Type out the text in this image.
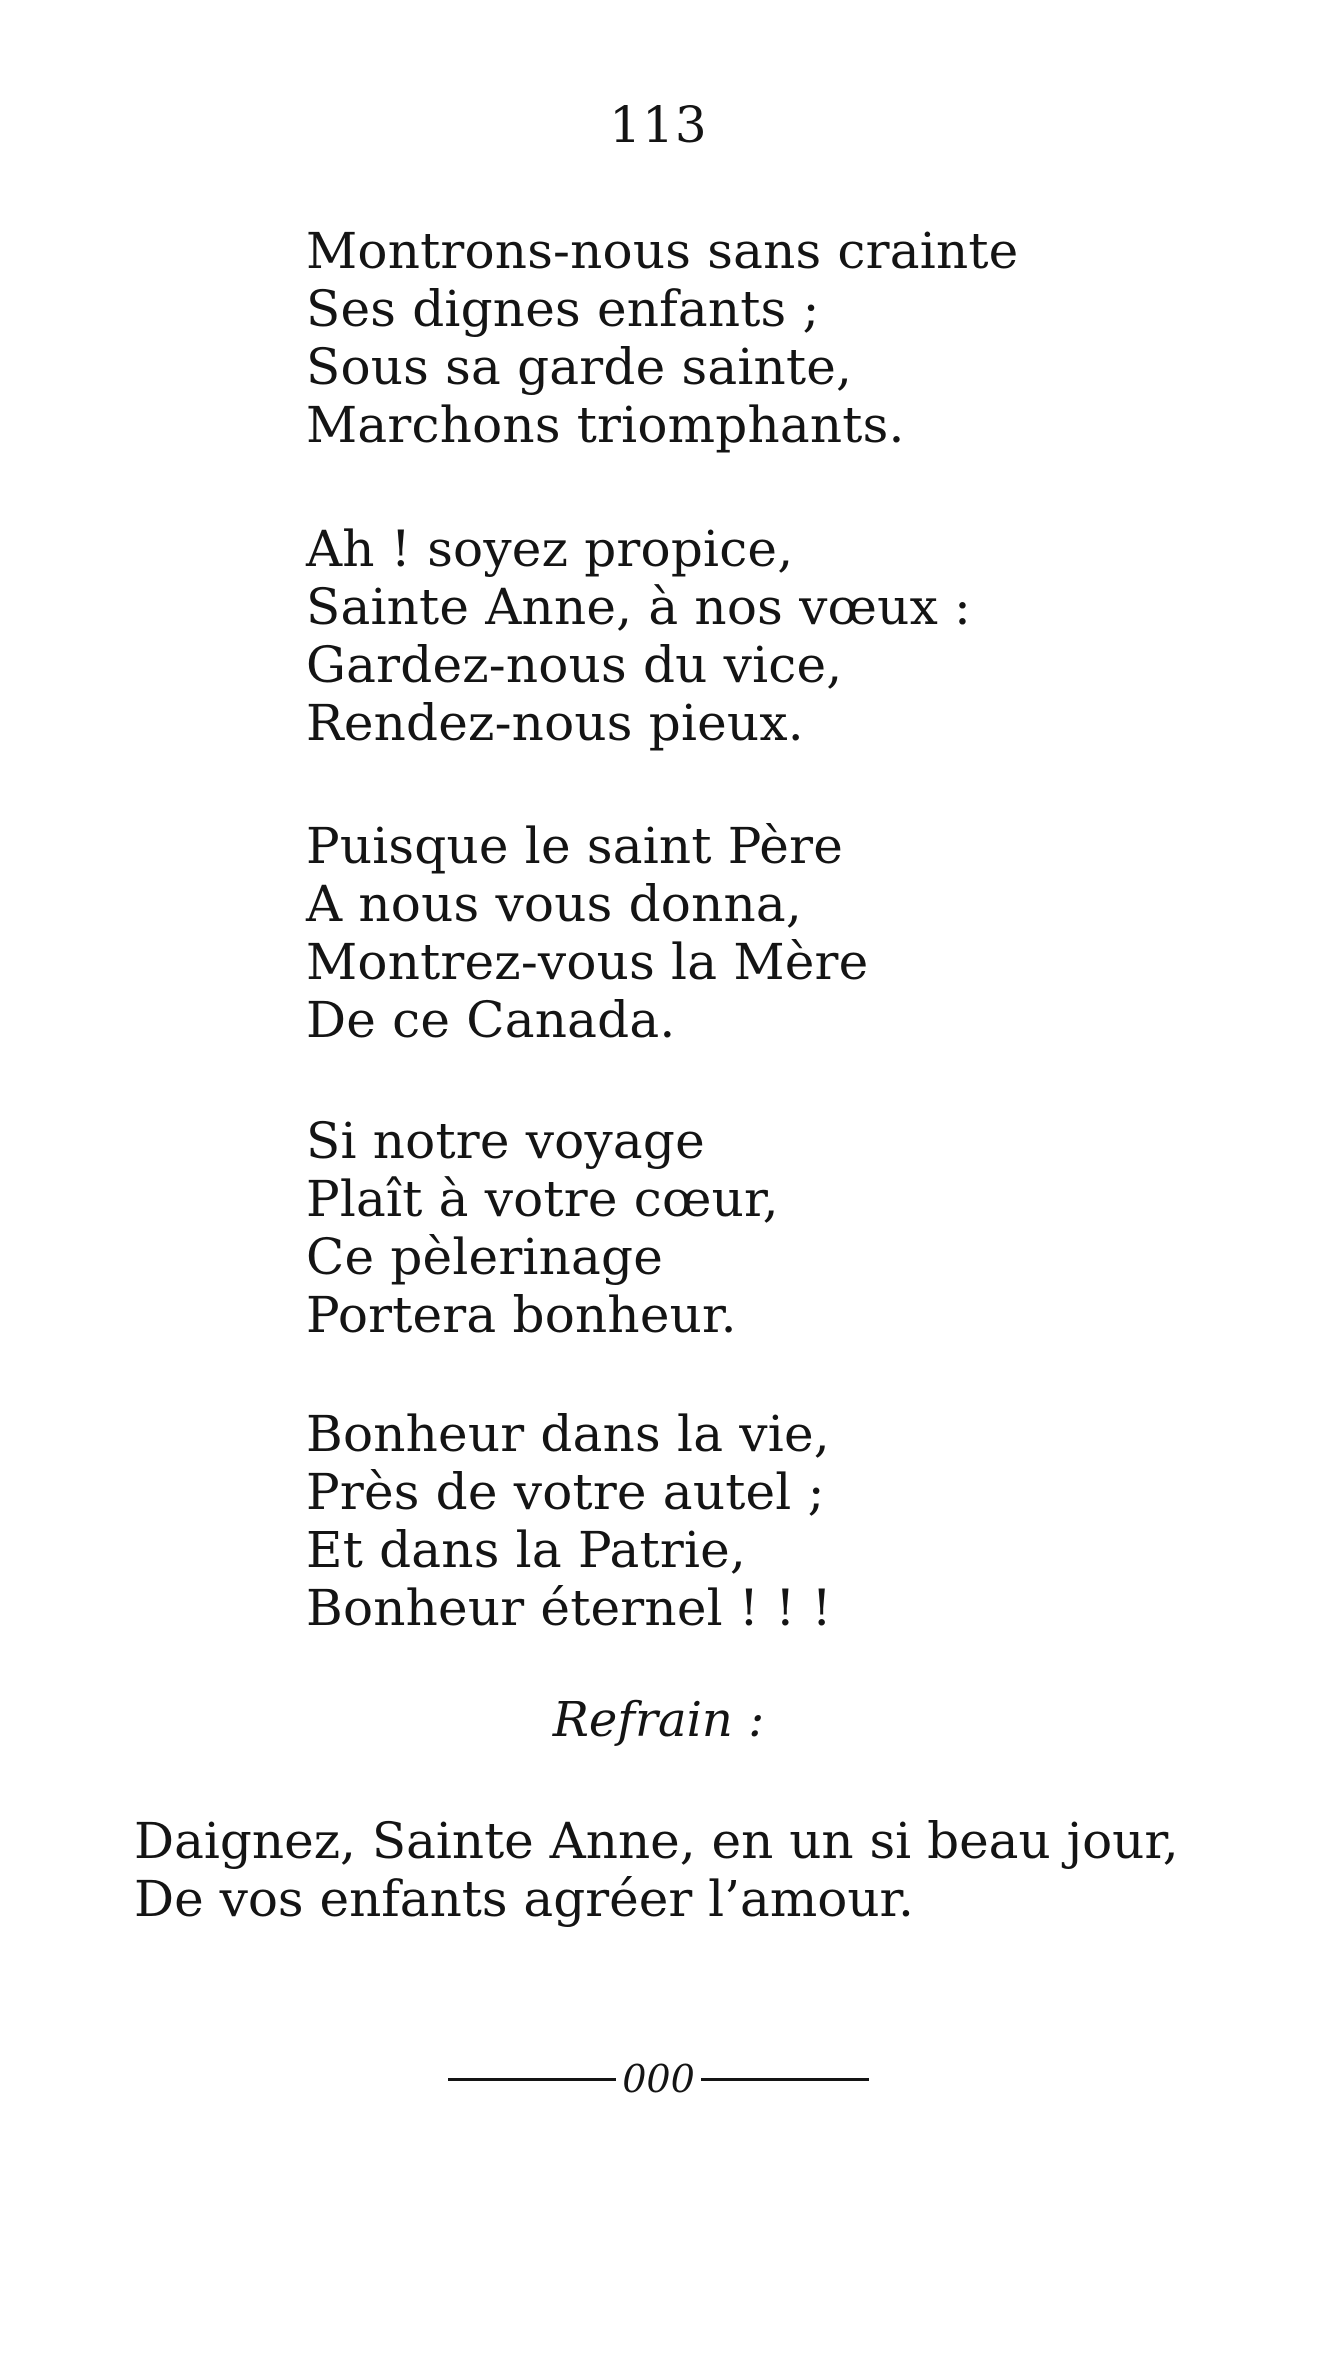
113
Montrons-nous sans crainte
Ses dignes enfants ;
Sous sa garde sainte,
Marchons triomphants.
Ah ! soyez propice,
Sainte Anne, à nos vœux :
Gardez-nous du vice,
Rendez-nous pieux.
Puisque le saint Père
A nous vous donna,
Montrez-vous la Mère
De ce Canada.
Si notre voyage
Plaît à votre cœur,
Ce pèlerinage
Portera bonheur.
Bonheur dans la vie,
Près de votre autel ;
Et dans la Patrie,
Bonheur éternel ! ! !
Refrain :
Daignez, Sainte Anne, en un si beau jour,
De vos enfants agréer l’amour.
000
